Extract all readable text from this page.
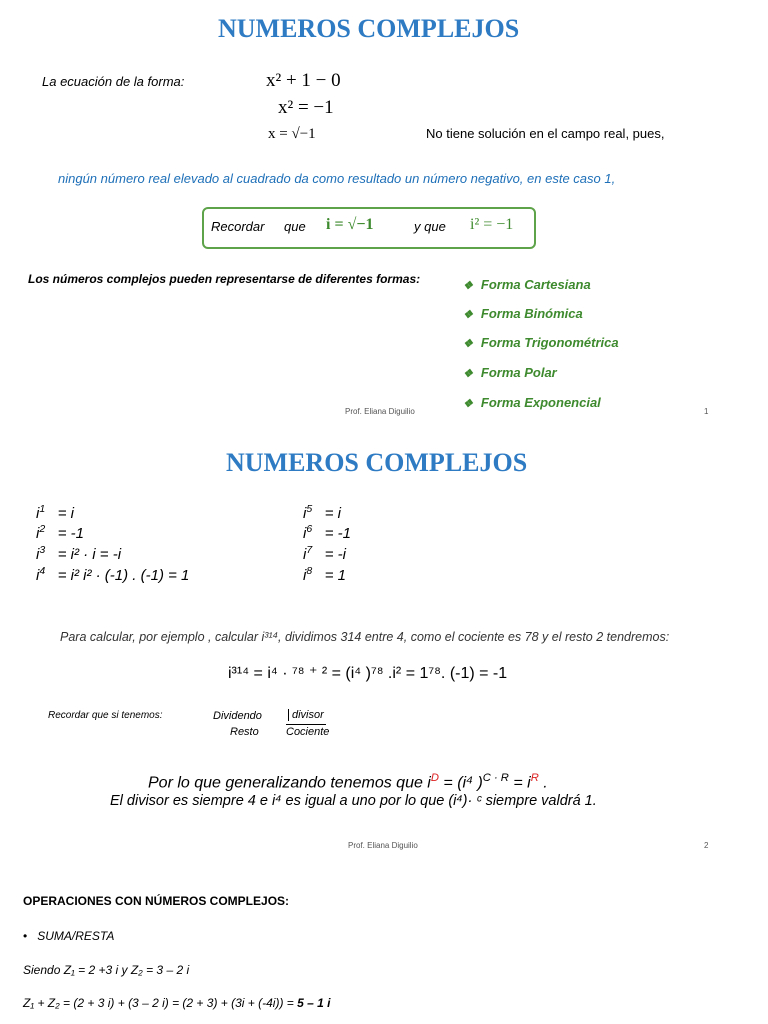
NUMEROS COMPLEJOS
La ecuación de la forma:	x² + 1 − 0
x² = −1
x = √−1	No tiene solución en el campo real, pues,
ningún número real elevado al cuadrado da como resultado un número negativo, en este caso 1,
Recordar que i = √−1	y que i² = −1
Los números complejos pueden representarse de diferentes formas:	❖ Forma Cartesiana
❖ Forma Binómica
❖ Forma Trigonométrica
❖ Forma Polar
❖ Forma Exponencial
Prof. Eliana Diguilio	1
NUMEROS COMPLEJOS
$i^1 = i$
$i^2 = -1$
$i^3 = i^2 \cdot i = -i$
$i^4 = i^2$ i² · (-1) . (-1) = 1
$i^5 = i$
$i^6 = -1$
$i^7 = -i$
$i^8 = 1$
Para calcular, por ejemplo , calcular i³¹⁴, dividimos 314 entre 4, como el cociente es 78 y el resto 2 tendremos:
i³¹⁴ = i⁴ · ⁷⁸ ⁺ ² = (i⁴ )⁷⁸ .i² = 1⁷⁸. (-1) = -1
Recordar que si tenemos:	Dividendo	divisor
Resto Cociente
Por lo que generalizando tenemos que $i^D = (i^4$ )$^{C \cdot R} = i^R$ .
El divisor es siempre 4 e i⁴ es igual a uno por lo que (i⁴)· ᶜ siempre valdrá 1.
Prof. Eliana Diguilio	2
OPERACIONES CON NÚMEROS COMPLEJOS:
•   SUMA/RESTA
Siendo Z₁ = 2 +3 i y Z₂ = 3 – 2 i
Z₁ + Z₂ = (2 + 3 i) + (3 – 2 i) = (2 + 3) + (3i + (-4i)) = 5 – 1 i
